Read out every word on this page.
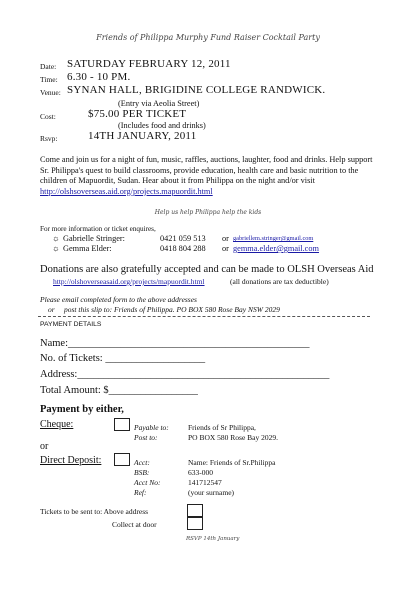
Friends of Philippa Murphy Fund Raiser Cocktail Party
Date: SATURDAY FEBRUARY 12, 2011
Time: 6.30 - 10 PM.
Venue: SYNAN HALL, BRIGIDINE COLLEGE RANDWICK.
(Entry via Aeolia Street)
Cost:	$75.00 PER TICKET
(Includes food and drinks)
Rsvp:	14TH JANUARY, 2011
Come and join us for a night of fun, music, raffles, auctions, laughter, food and drinks. Help support Sr. Philippa's quest to build classrooms, provide education, health care and basic nutrition to the children of Mapuordit, Sudan. Hear about it from Philippa on the night and/or visit http://olshsoverseas.aid.org/projects.mapuordit.html
Help us help Philippa help the kids
For more information or ticket enquires,
☼ Gabrielle Stringer:	0421 059 513 or gabriellem.stringer@gmail.com
☼ Gemma Elder:	0418 804 288 or gemma.elder@gmail.com
Donations are also gratefully accepted and can be made to OLSH Overseas Aid
http://olshoverseasaid.org/projects/mapuordit.html	(all donations are tax deductible)
Please email completed form to the above addresses
or post this slip to: Friends of Philippa. PO BOX 580 Rose Bay NSW 2029
PAYMENT DETAILS
Name:______________________________________________
No. of Tickets: ___________________
Address:________________________________________________
Total Amount: $_________________
Payment by either,
Cheque:	Payable to:	Friends of Sr Philippa,
Post to:	PO BOX 580 Rose Bay 2029.
or
Direct Deposit:	Acct:	Name: Friends of Sr.Philippa
BSB:	633-000
Acct No:	141712547
Ref:	(your surname)
Tickets to be sent to: Above address
Collect at door
RSVP 14th January
